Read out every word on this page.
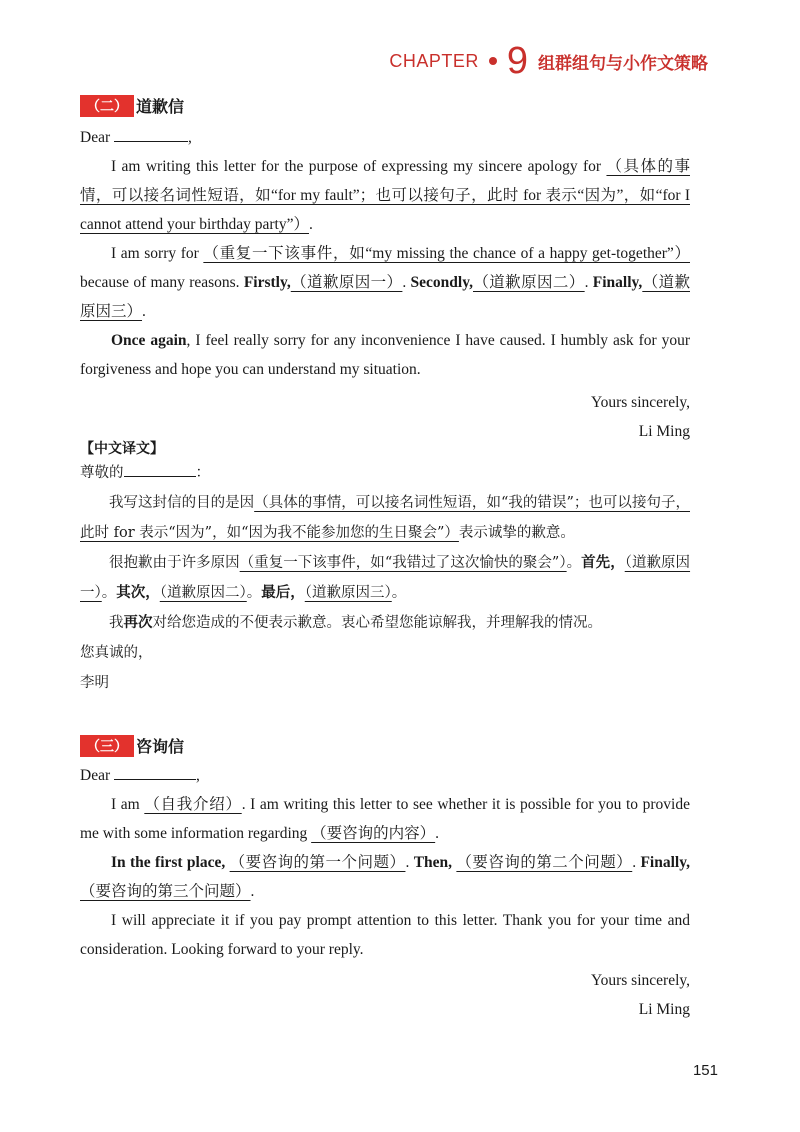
CHAPTER 9 组群组句与小作文策略
（二） 道歉信

Dear	,

I am writing this letter for the purpose of expressing my sincere apology for （具体的事情，可以接名词性短语，如“for my fault”；也可以接句子，此时 for 表示“因为”，如“for I cannot attend your birthday party”）.

I am sorry for （重复一下该事件，如“my missing the chance of a happy get-together”） because of many reasons. Firstly,（道歉原因一）. Secondly,（道歉原因二）. Finally,（道歉原因三）.

Once again, I feel really sorry for any inconvenience I have caused. I humbly ask for your forgiveness and hope you can understand my situation.

Yours sincerely,

Li Ming

【中文译文】

尊敬的	：

我写这封信的目的是因（具体的事情，可以接名词性短语，如“我的错误”；也可以接句子，此时 for 表示“因为”，如“因为我不能参加您的生日聚会”）表示诚挚的歉意。

很抱歉由于许多原因（重复一下该事件，如“我错过了这次愉快的聚会”）。首先，（道歉原因一）。其次，（道歉原因二）。最后，（道歉原因三）。

我再次对给您造成的不便表示歉意。衷心希望您能谅解我，并理解我的情况。

您真诚的，

李明

（三） 咨询信

Dear	,

I am （自我介绍）. I am writing this letter to see whether it is possible for you to provide me with some information regarding （要咨询的内容）.

In the first place, （要咨询的第一个问题）. Then, （要咨询的第二个问题）. Finally, （要咨询的第三个问题）.

I will appreciate it if you pay prompt attention to this letter. Thank you for your time and consideration. Looking forward to your reply.

Yours sincerely,

Li Ming

151
